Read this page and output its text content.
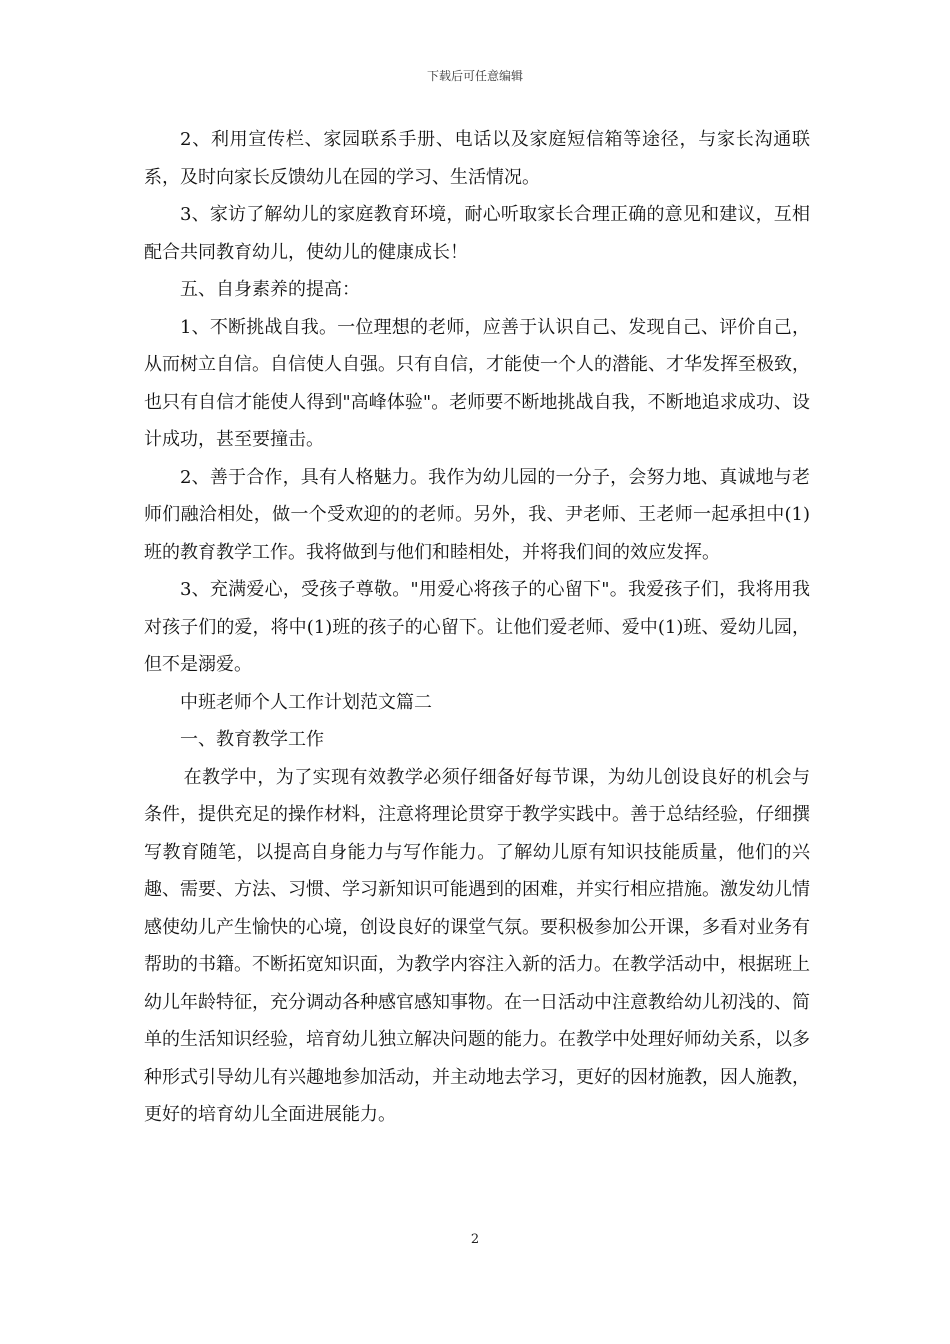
下载后可任意编辑

2、利用宣传栏、家园联系手册、电话以及家庭短信箱等途径，与家长沟通联系，及时向家长反馈幼儿在园的学习、生活情况。

3、家访了解幼儿的家庭教育环境，耐心听取家长合理正确的意见和建议，互相配合共同教育幼儿，使幼儿的健康成长！

五、自身素养的提高：

1、不断挑战自我。一位理想的老师，应善于认识自己、发现自己、评价自己，从而树立自信。自信使人自强。只有自信，才能使一个人的潜能、才华发挥至极致，也只有自信才能使人得到"高峰体验"。老师要不断地挑战自我，不断地追求成功、设计成功，甚至要撞击。

2、善于合作，具有人格魅力。我作为幼儿园的一分子，会努力地、真诚地与老师们融洽相处，做一个受欢迎的的老师。另外，我、尹老师、王老师一起承担中(1)班的教育教学工作。我将做到与他们和睦相处，并将我们间的效应发挥。

3、充满爱心，受孩子尊敬。"用爱心将孩子的心留下"。我爱孩子们，我将用我对孩子们的爱，将中(1)班的孩子的心留下。让他们爱老师、爱中(1)班、爱幼儿园，但不是溺爱。

中班老师个人工作计划范文篇二

一、教育教学工作

在教学中，为了实现有效教学必须仔细备好每节课，为幼儿创设良好的机会与条件，提供充足的操作材料，注意将理论贯穿于教学实践中。善于总结经验，仔细撰写教育随笔，以提高自身能力与写作能力。了解幼儿原有知识技能质量，他们的兴趣、需要、方法、习惯、学习新知识可能遇到的困难，并实行相应措施。激发幼儿情感使幼儿产生愉快的心境，创设良好的课堂气氛。要积极参加公开课，多看对业务有帮助的书籍。不断拓宽知识面，为教学内容注入新的活力。在教学活动中，根据班上幼儿年龄特征，充分调动各种感官感知事物。在一日活动中注意教给幼儿初浅的、简单的生活知识经验，培育幼儿独立解决问题的能力。在教学中处理好师幼关系，以多种形式引导幼儿有兴趣地参加活动，并主动地去学习，更好的因材施教，因人施教，更好的培育幼儿全面进展能力。

2
